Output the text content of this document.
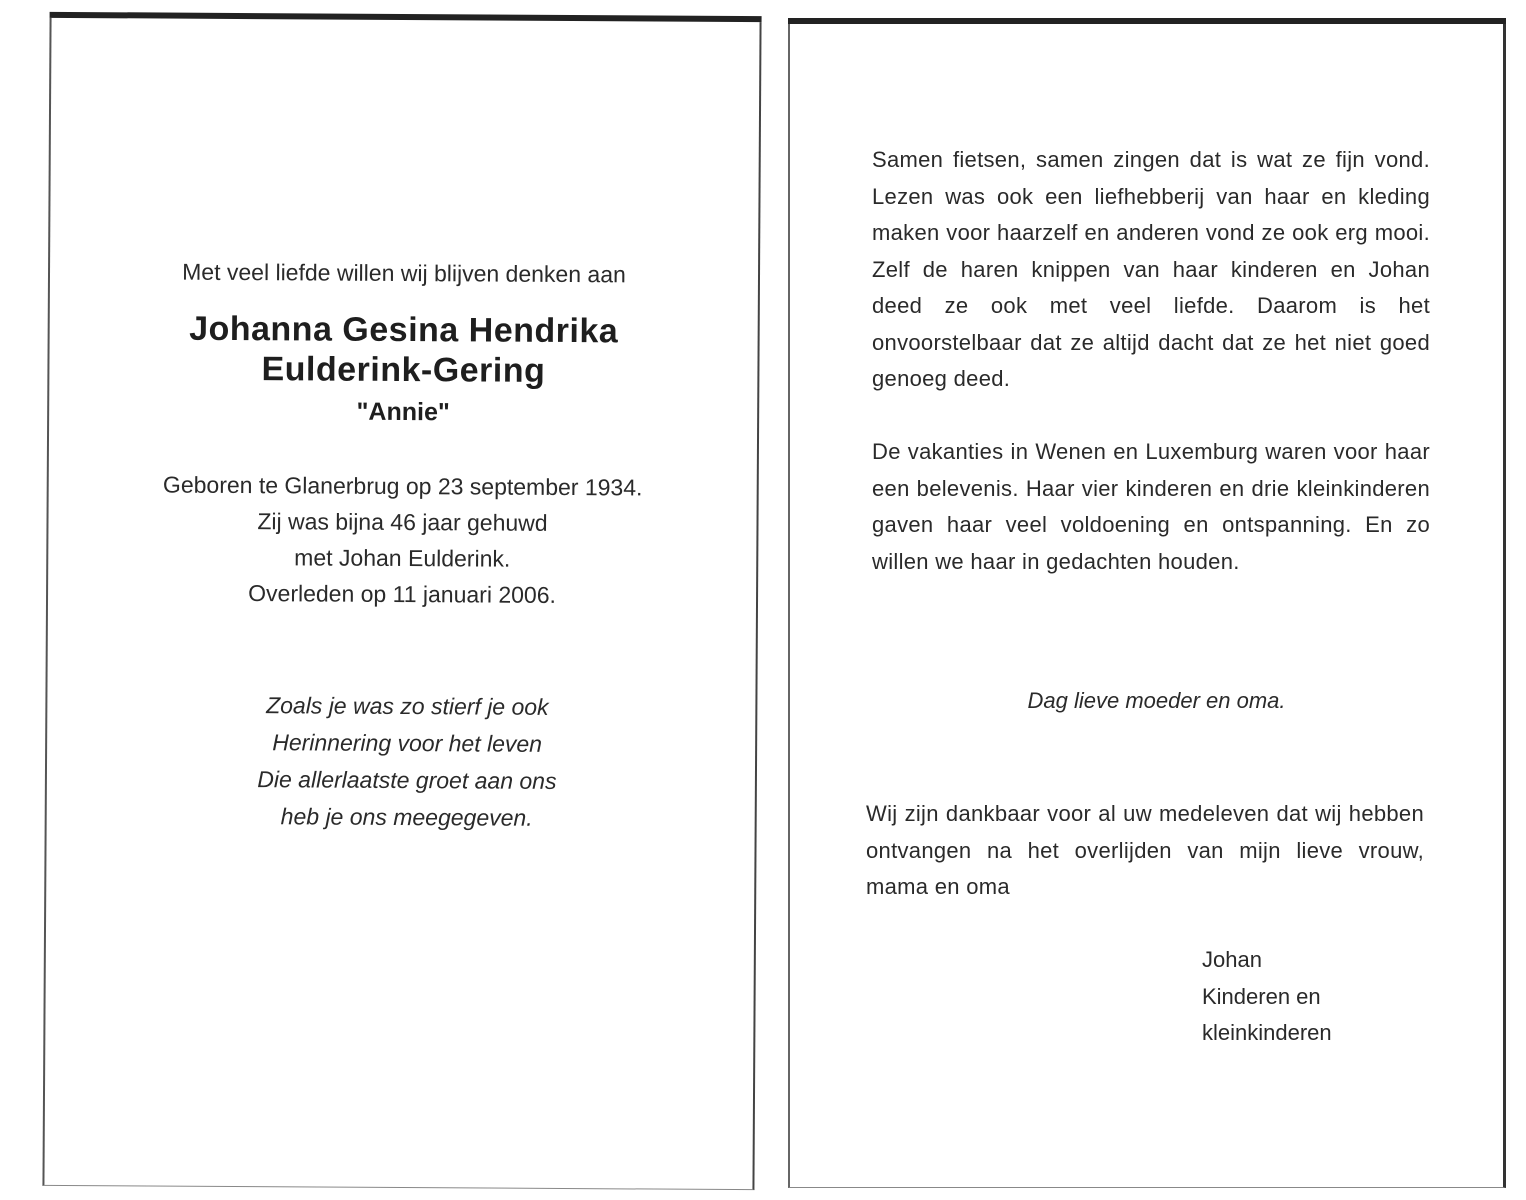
Met veel liefde willen wij blijven denken aan
Johanna Gesina Hendrika
Eulderink-Gering
"Annie"
Geboren te Glanerbrug op 23 september 1934.
Zij was bijna 46 jaar gehuwd
met Johan Eulderink.
Overleden op 11 januari 2006.
Zoals je was zo stierf je ook
Herinnering voor het leven
Die allerlaatste groet aan ons
heb je ons meegegeven.

Samen fietsen, samen zingen dat is wat ze fijn vond. Lezen was ook een liefhebberij van haar en kleding maken voor haarzelf en anderen vond ze ook erg mooi. Zelf de haren knippen van haar kinderen en Johan deed ze ook met veel liefde. Daarom is het onvoorstelbaar dat ze altijd dacht dat ze het niet goed genoeg deed.

De vakanties in Wenen en Luxemburg waren voor haar een belevenis. Haar vier kinderen en drie kleinkinderen gaven haar veel voldoening en ontspanning. En zo willen we haar in gedachten houden.

Dag lieve moeder en oma.

Wij zijn dankbaar voor al uw medeleven dat wij hebben ontvangen na het overlijden van mijn lieve vrouw, mama en oma

Johan
Kinderen en
kleinkinderen
